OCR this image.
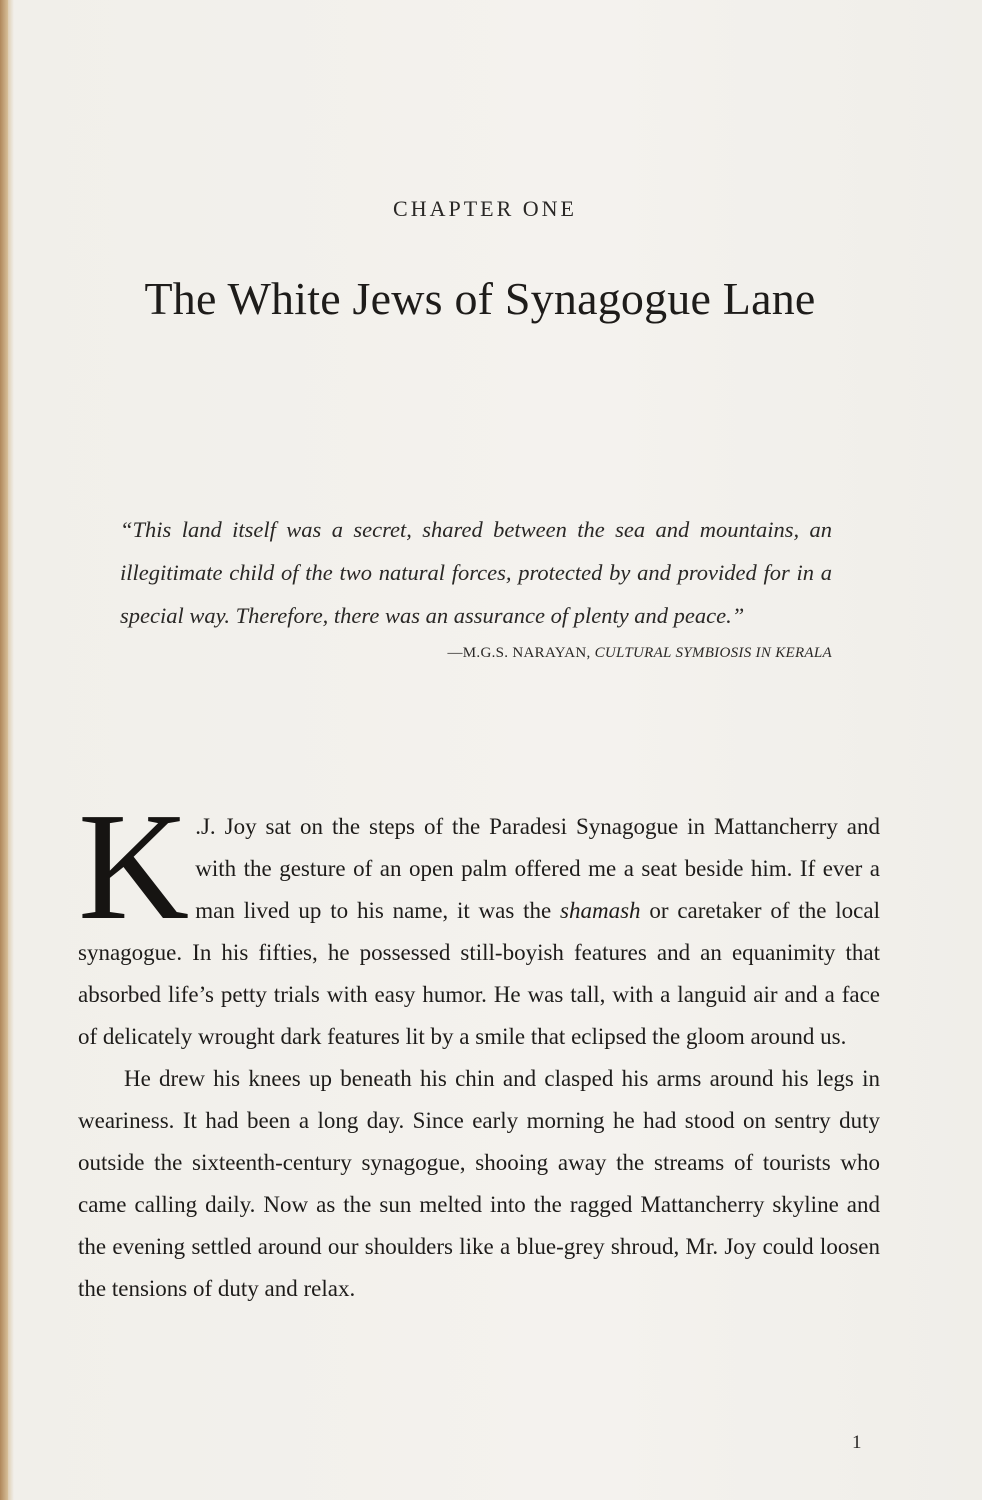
CHAPTER ONE
The White Jews of Synagogue Lane

“This land itself was a secret, shared between the sea and mountains, an illegitimate child of the two natural forces, protected by and provided for in a special way. Therefore, there was an assurance of plenty and peace.”

—M.G.S. NARAYAN, CULTURAL SYMBIOSIS IN KERALA

K .J. Joy sat on the steps of the Paradesi Synagogue in Mattancherry and with the gesture of an open palm offered me a seat beside him. If ever a man lived up to his name, it was the shamash or caretaker of the local synagogue. In his fifties, he possessed still-boyish features and an equanimity that absorbed life’s petty trials with easy humor. He was tall, with a languid air and a face of delicately wrought dark features lit by a smile that eclipsed the gloom around us.

He drew his knees up beneath his chin and clasped his arms around his legs in weariness. It had been a long day. Since early morning he had stood on sentry duty outside the sixteenth-century synagogue, shooing away the streams of tourists who came calling daily. Now as the sun melted into the ragged Mattancherry skyline and the evening settled around our shoulders like a blue-grey shroud, Mr. Joy could loosen the tensions of duty and relax.

1
